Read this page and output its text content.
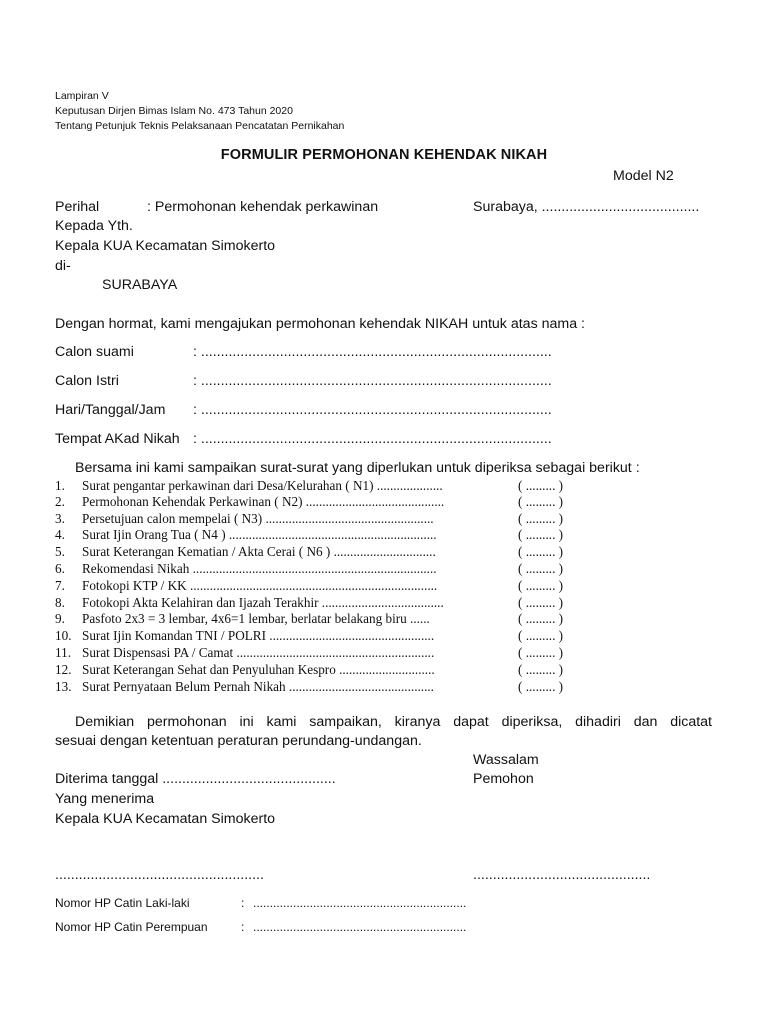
Lampiran V
Keputusan Dirjen Bimas Islam No. 473 Tahun 2020
Tentang Petunjuk Teknis Pelaksanaan Pencatatan Pernikahan
FORMULIR PERMOHONAN KEHENDAK NIKAH
Model N2
Perihal	: Permohonan kehendak perkawinan	Surabaya, ........................................
Kepada Yth.
Kepala KUA Kecamatan Simokerto
di-
SURABAYA
Dengan hormat, kami mengajukan permohonan kehendak NIKAH untuk atas nama :
Calon suami	: .........................................................................................
Calon Istri	: .........................................................................................
Hari/Tanggal/Jam : .........................................................................................
Tempat AKad Nikah : .........................................................................................
Bersama ini kami sampaikan surat-surat yang diperlukan untuk diperiksa sebagai berikut :
1. Surat pengantar perkawinan dari Desa/Kelurahan ( N1) ....................	( ......... )
2. Permohonan Kehendak Perkawinan ( N2) ..........................................	( ......... )
3. Persetujuan calon mempelai ( N3) ...................................................	( ......... )
4. Surat Ijin Orang Tua ( N4 ) ...............................................................	( ......... )
5. Surat Keterangan Kematian / Akta Cerai ( N6 ) ...............................	( ......... )
6. Rekomendasi Nikah ..........................................................................	( ......... )
7. Fotokopi KTP / KK ...........................................................................	( ......... )
8. Fotokopi Akta Kelahiran dan Ijazah Terakhir .....................................	( ......... )
9. Pasfoto 2x3 = 3 lembar, 4x6=1 lembar, berlatar belakang biru ......	( ......... )
10. Surat Ijin Komandan TNI / POLRI ..................................................	( ......... )
11. Surat Dispensasi PA / Camat ............................................................	( ......... )
12. Surat Keterangan Sehat dan Penyuluhan Kespro .............................	( ......... )
13. Surat Pernyataan Belum Pernah Nikah ............................................	( ......... )
Demikian permohonan ini kami sampaikan, kiranya dapat diperiksa, dihadiri dan dicatat
sesuai dengan ketentuan peraturan perundang-undangan.
Wassalam
Pemohon
Diterima tanggal ............................................
Yang menerima
Kepala KUA Kecamatan Simokerto
.....................................................	.............................................
Nomor HP Catin Laki-laki	: ................................................................
Nomor HP Catin Perempuan	: ................................................................
